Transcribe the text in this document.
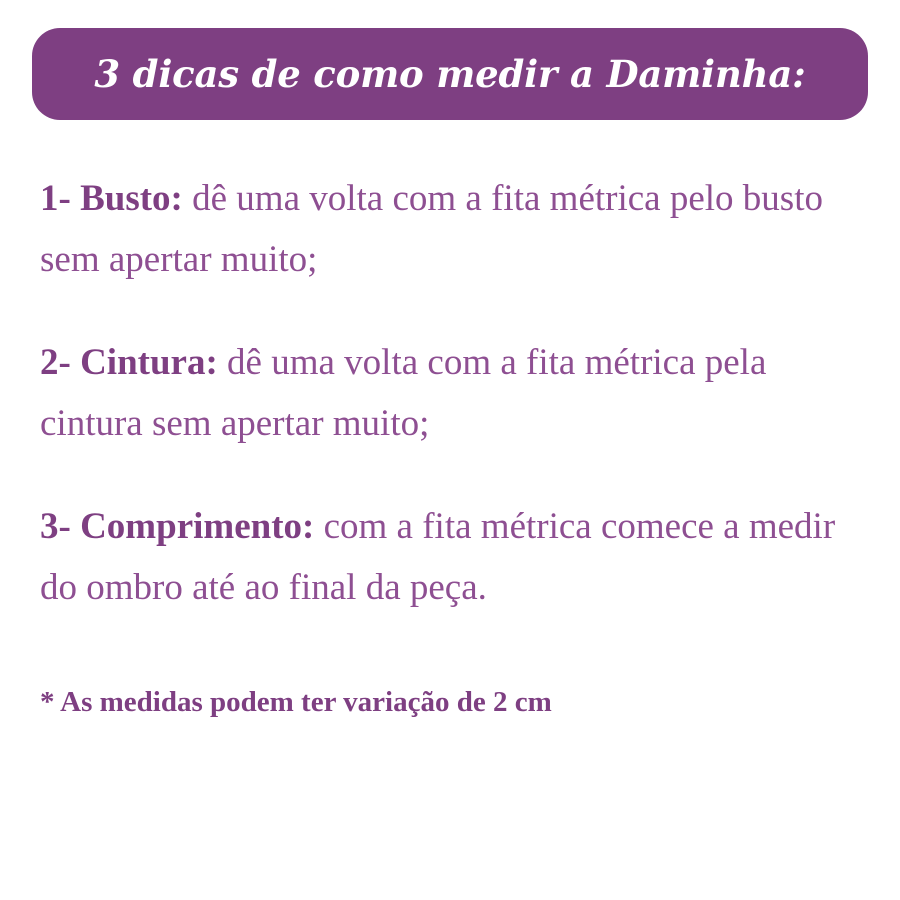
3 dicas de como medir a Daminha:

1- Busto: dê uma volta com a fita métrica pelo busto sem apertar muito;

2- Cintura: dê uma volta com a fita métrica pela cintura sem apertar muito;

3- Comprimento: com a fita métrica comece a medir do ombro até ao final da peça.

* As medidas podem ter variação de 2 cm
